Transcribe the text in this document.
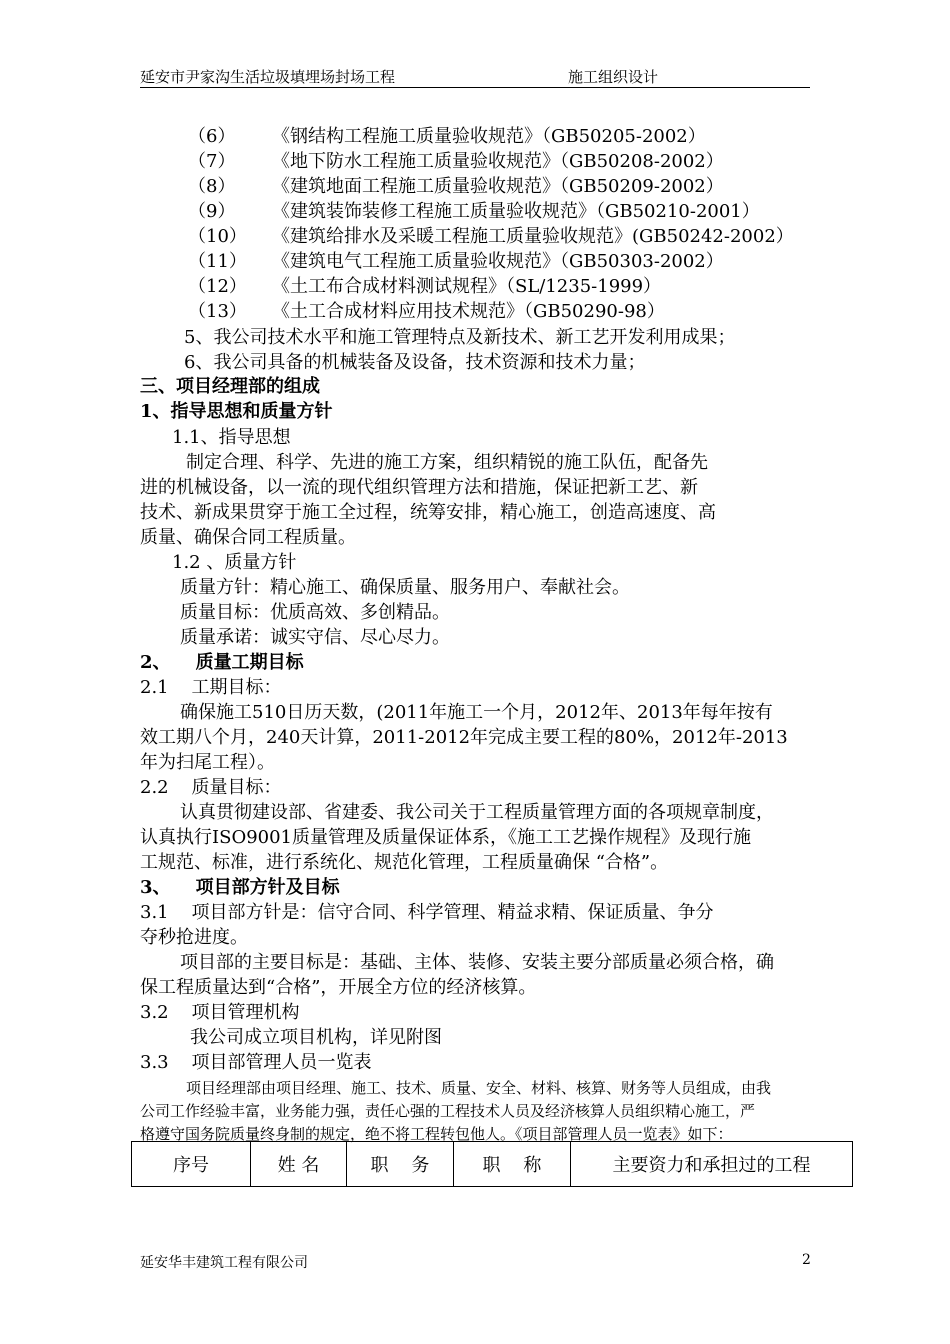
延安市尹家沟生活垃圾填埋场封场工程	施工组织设计
（6） 《钢结构工程施工质量验收规范》（GB50205-2002）
（7） 《地下防水工程施工质量验收规范》（GB50208-2002）
（8） 《建筑地面工程施工质量验收规范》（GB50209-2002）
（9） 《建筑装饰装修工程施工质量验收规范》（GB50210-2001）
（10） 《建筑给排水及采暖工程施工质量验收规范》(GB50242-2002）
（11） 《建筑电气工程施工质量验收规范》（GB50303-2002）
（12） 《土工布合成材料测试规程》（SL/1235-1999）
（13） 《土工合成材料应用技术规范》（GB50290-98）
5、我公司技术水平和施工管理特点及新技术、新工艺开发利用成果；
6、我公司具备的机械装备及设备，技术资源和技术力量；
三、项目经理部的组成
1、指导思想和质量方针
1.1、指导思想
制定合理、科学、先进的施工方案，组织精锐的施工队伍，配备先
进的机械设备，以一流的现代组织管理方法和措施，保证把新工艺、新
技术、新成果贯穿于施工全过程，统筹安排，精心施工，创造高速度、高
质量、确保合同工程质量。
1.2 、质量方针
质量方针：精心施工、确保质量、服务用户、奉献社会。
质量目标：优质高效、多创精品。
质量承诺：诚实守信、尽心尽力。
2、    质量工期目标
2.1    工期目标：
确保施工510日历天数，(2011年施工一个月，2012年、2013年每年按有
效工期八个月，240天计算，2011-2012年完成主要工程的80%，2012年-2013
年为扫尾工程）。
2.2    质量目标：
认真贯彻建设部、省建委、我公司关于工程质量管理方面的各项规章制度，
认真执行ISO9001质量管理及质量保证体系，《施工工艺操作规程》及现行施
工规范、标准，进行系统化、规范化管理，工程质量确保 “合格”。
3、    项目部方针及目标
3.1    项目部方针是：信守合同、科学管理、精益求精、保证质量、争分
夺秒抢进度。
项目部的主要目标是：基础、主体、装修、安装主要分部质量必须合格，确
保工程质量达到“合格”，开展全方位的经济核算。
3.2    项目管理机构
我公司成立项目机构，详见附图
3.3    项目部管理人员一览表
项目经理部由项目经理、施工、技术、质量、安全、材料、核算、财务等人员组成，由我
公司工作经验丰富，业务能力强，责任心强的工程技术人员及经济核算人员组织精心施工，严
格遵守国务院质量终身制的规定，绝不将工程转包他人。《项目部管理人员一览表》如下：
序号	姓 名	职    务	职    称	主要资力和承担过的工程
延安华丰建筑工程有限公司	2
